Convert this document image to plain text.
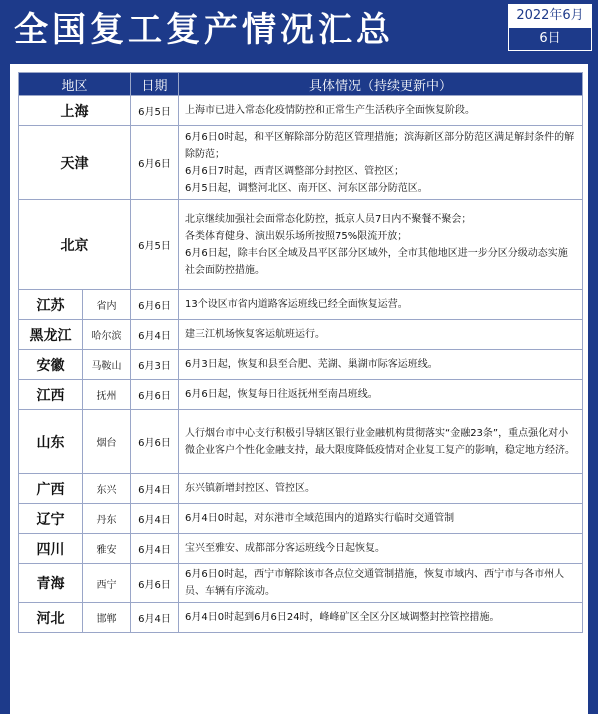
全国复工复产情况汇总	2022年6月
6日
地区		日期	具体情况（持续更新中）
上海		6月5日	上海市已进入常态化疫情防控和正常生产生活秩序全面恢复阶段。

天津		6月6日	6月6日0时起，和平区解除部分防范区管理措施；滨海新区部分防范区满足解封条件的解除防范；
6月6日7时起，西青区调整部分封控区、管控区；
6月5日起，调整河北区、南开区、河东区部分防范区。

北京		6月5日	北京继续加强社会面常态化防控，抵京人员7日内不聚餐不聚会；
各类体育健身、演出娱乐场所按照75%限流开放；
6月6日起，除丰台区全域及昌平区部分区域外，全市其他地区进一步分区分级动态实施社会面防控措施。

江苏	省内	6月6日	13个设区市省内道路客运班线已经全面恢复运营。

黑龙江	哈尔滨	6月4日	建三江机场恢复客运航班运行。

安徽	马鞍山	6月3日	6月3日起，恢复和县至合肥、芜湖、巢湖市际客运班线。

江西	抚州	6月6日	6月6日起，恢复每日往返抚州至南昌班线。

山东	烟台	6月6日	人行烟台市中心支行积极引导辖区银行业金融机构贯彻落实“金融23条”，重点强化对小微企业客户个性化金融支持，最大限度降低疫情对企业复工复产的影响，稳定地方经济。

广西	东兴	6月4日	东兴镇新增封控区、管控区。

辽宁	丹东	6月4日	6月4日0时起，对东港市全域范围内的道路实行临时交通管制

四川	雅安	6月4日	宝兴至雅安、成都部分客运班线今日起恢复。

青海	西宁	6月6日	6月6日0时起，西宁市解除该市各点位交通管制措施，恢复市域内、西宁市与各市州人员、车辆有序流动。

河北	邯郸	6月4日	6月4日0时起到6月6日24时，峰峰矿区全区分区域调整封控管控措施。
